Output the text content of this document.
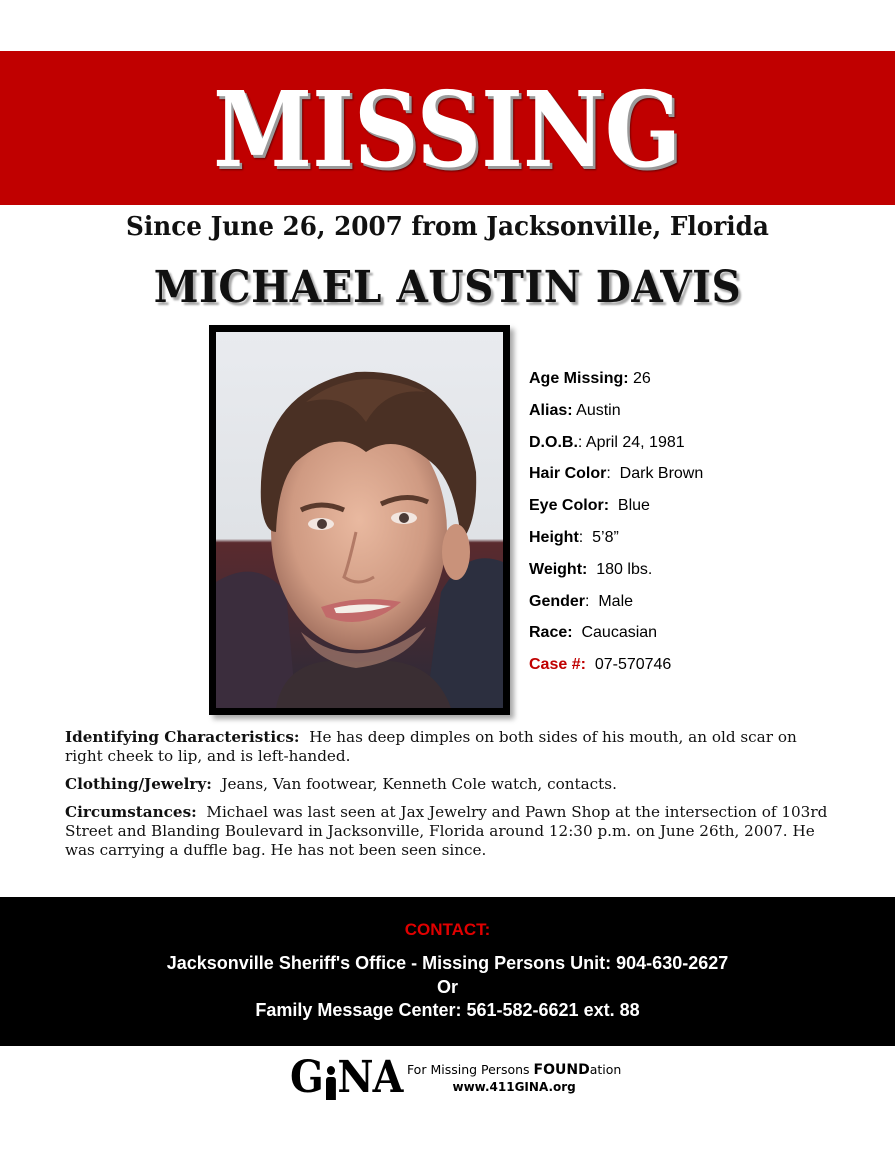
MISSING
Since June 26, 2007 from Jacksonville, Florida
MICHAEL AUSTIN DAVIS
Age Missing: 26
Alias: Austin
D.O.B.: April 24, 1981
Hair Color:  Dark Brown
Eye Color:  Blue
Height:  5’8”
Weight:  180 lbs.
Gender:  Male
Race:  Caucasian
Case #:  07-570746

Identifying Characteristics:  He has deep dimples on both sides of his mouth, an old scar on right cheek to lip, and is left-handed.

Clothing/Jewelry:  Jeans, Van footwear, Kenneth Cole watch, contacts.

Circumstances:  Michael was last seen at Jax Jewelry and Pawn Shop at the intersection of 103rd Street and Blanding Boulevard in Jacksonville, Florida around 12:30 p.m. on June 26th, 2007. He was carrying a duffle bag. He has not been seen since.

CONTACT:
Jacksonville Sheriff's Office - Missing Persons Unit: 904-630-2627
Or
Family Message Center: 561-582-6621 ext. 88
G N A For Missing Persons FOUNDation
www.411GINA.org
